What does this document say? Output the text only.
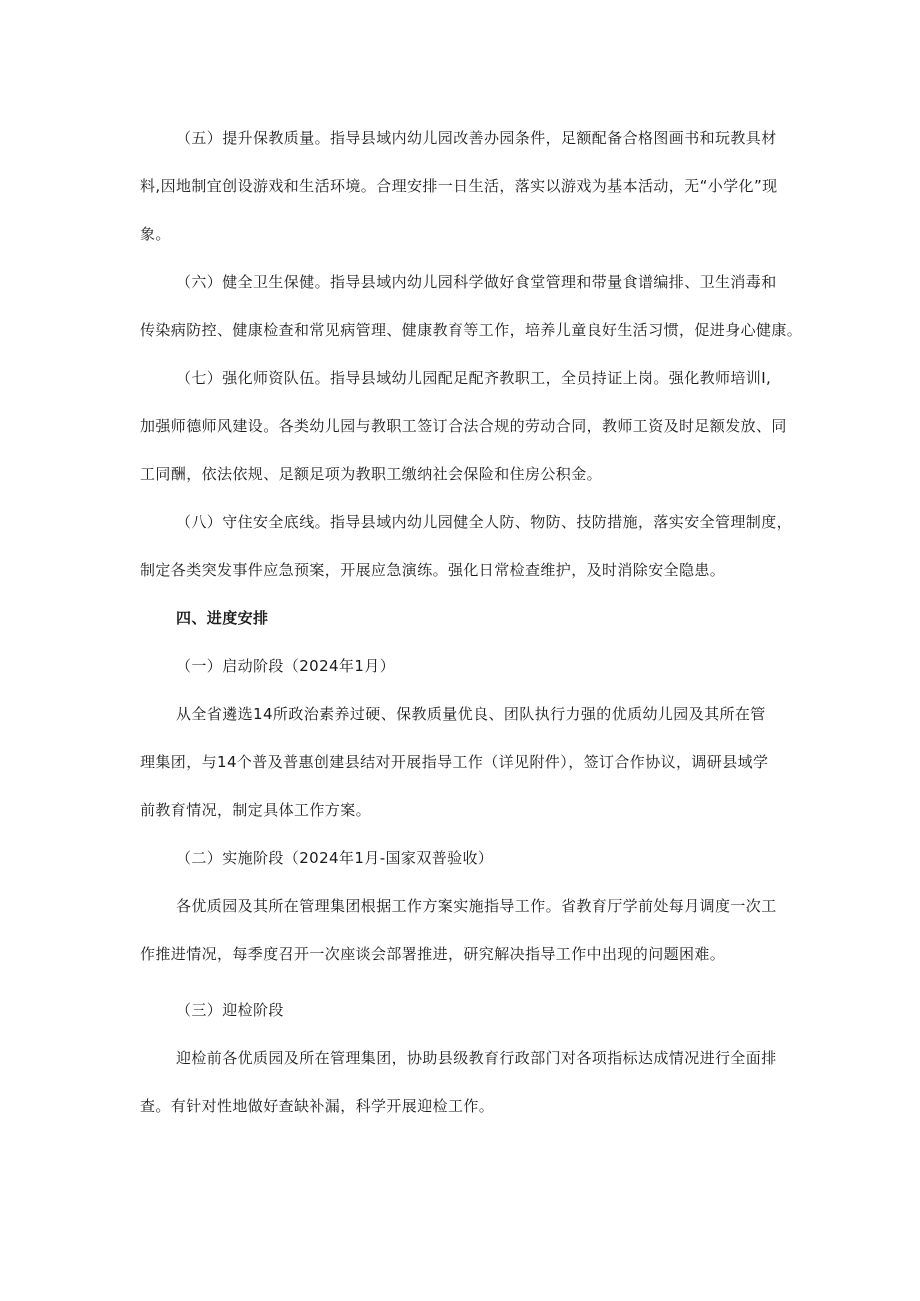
（五）提升保教质量。指导县域内幼儿园改善办园条件，足额配备合格图画书和玩教具材
料,因地制宜创设游戏和生活环境。合理安排一日生活，落实以游戏为基本活动，无“小学化”现
象。
（六）健全卫生保健。指导县域内幼儿园科学做好食堂管理和带量食谱编排、卫生消毒和
传染病防控、健康检查和常见病管理、健康教育等工作，培养儿童良好生活习惯，促进身心健康。
（七）强化师资队伍。指导县域幼儿园配足配齐教职工，全员持证上岗。强化教师培训I,
加强师德师风建设。各类幼儿园与教职工签订合法合规的劳动合同，教师工资及时足额发放、同
工同酬，依法依规、足额足项为教职工缴纳社会保险和住房公积金。
（八）守住安全底线。指导县域内幼儿园健全人防、物防、技防措施，落实安全管理制度，
制定各类突发事件应急预案，开展应急演练。强化日常检查维护，及时消除安全隐患。
四、进度安排
（一）启动阶段（2024年1月）
从全省遴选14所政治素养过硬、保教质量优良、团队执行力强的优质幼儿园及其所在管
理集团，与14个普及普惠创建县结对开展指导工作（详见附件），签订合作协议，调研县域学
前教育情况，制定具体工作方案。
（二）实施阶段（2024年1月-国家双普验收）
各优质园及其所在管理集团根据工作方案实施指导工作。省教育厅学前处每月调度一次工
作推进情况，每季度召开一次座谈会部署推进，研究解决指导工作中出现的问题困难。
（三）迎检阶段
迎检前各优质园及所在管理集团，协助县级教育行政部门对各项指标达成情况进行全面排
查。有针对性地做好查缺补漏，科学开展迎检工作。
